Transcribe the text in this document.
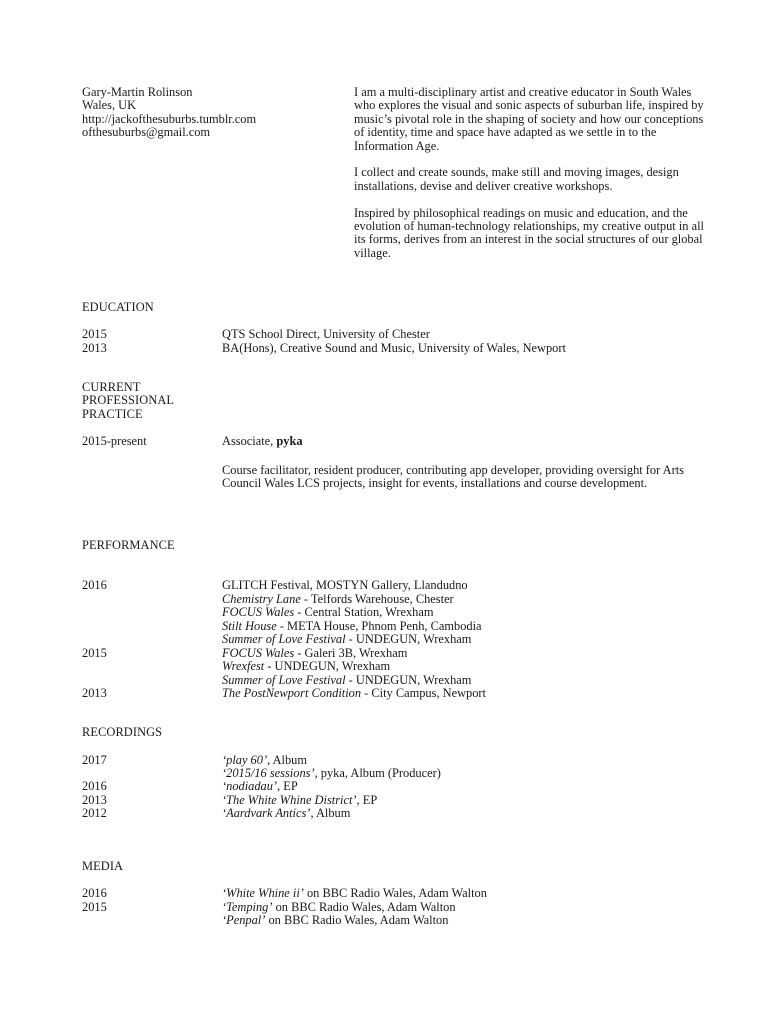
Gary-Martin Rolinson
Wales, UK
http://jackofthesuburbs.tumblr.com
ofthesuburbs@gmail.com

I am a multi-disciplinary artist and creative educator in South Wales who explores the visual and sonic aspects of suburban life, inspired by music’s pivotal role in the shaping of society and how our conceptions of identity, time and space have adapted as we settle in to the Information Age.

I collect and create sounds, make still and moving images, design installations, devise and deliver creative workshops.

Inspired by philosophical readings on music and education, and the evolution of human-technology relationships, my creative output in all its forms, derives from an interest in the social structures of our global village.

EDUCATION
2015	QTS School Direct, University of Chester
2013	BA(Hons), Creative Sound and Music, University of Wales, Newport
CURRENT
PROFESSIONAL
PRACTICE
2015-present	Associate, pyka
Course facilitator, resident producer, contributing app developer, providing oversight for Arts Council Wales LCS projects, insight for events, installations and course development.
PERFORMANCE
2016	GLITCH Festival, MOSTYN Gallery, Llandudno
Chemistry Lane - Telfords Warehouse, Chester
FOCUS Wales - Central Station, Wrexham
Stilt House - META House, Phnom Penh, Cambodia
Summer of Love Festival - UNDEGUN, Wrexham
2015	FOCUS Wales - Galeri 3B, Wrexham
Wrexfest - UNDEGUN, Wrexham
Summer of Love Festival - UNDEGUN, Wrexham
2013	The PostNewport Condition - City Campus, Newport
RECORDINGS
2017	‘play 60’, Album
‘2015/16 sessions’, pyka, Album (Producer)
2016	‘nodiadau’, EP
2013	‘The White Whine District’, EP
2012	‘Aardvark Antics’, Album
MEDIA
2016	‘White Whine ii’ on BBC Radio Wales, Adam Walton
2015	‘Temping’ on BBC Radio Wales, Adam Walton
‘Penpal’ on BBC Radio Wales, Adam Walton
